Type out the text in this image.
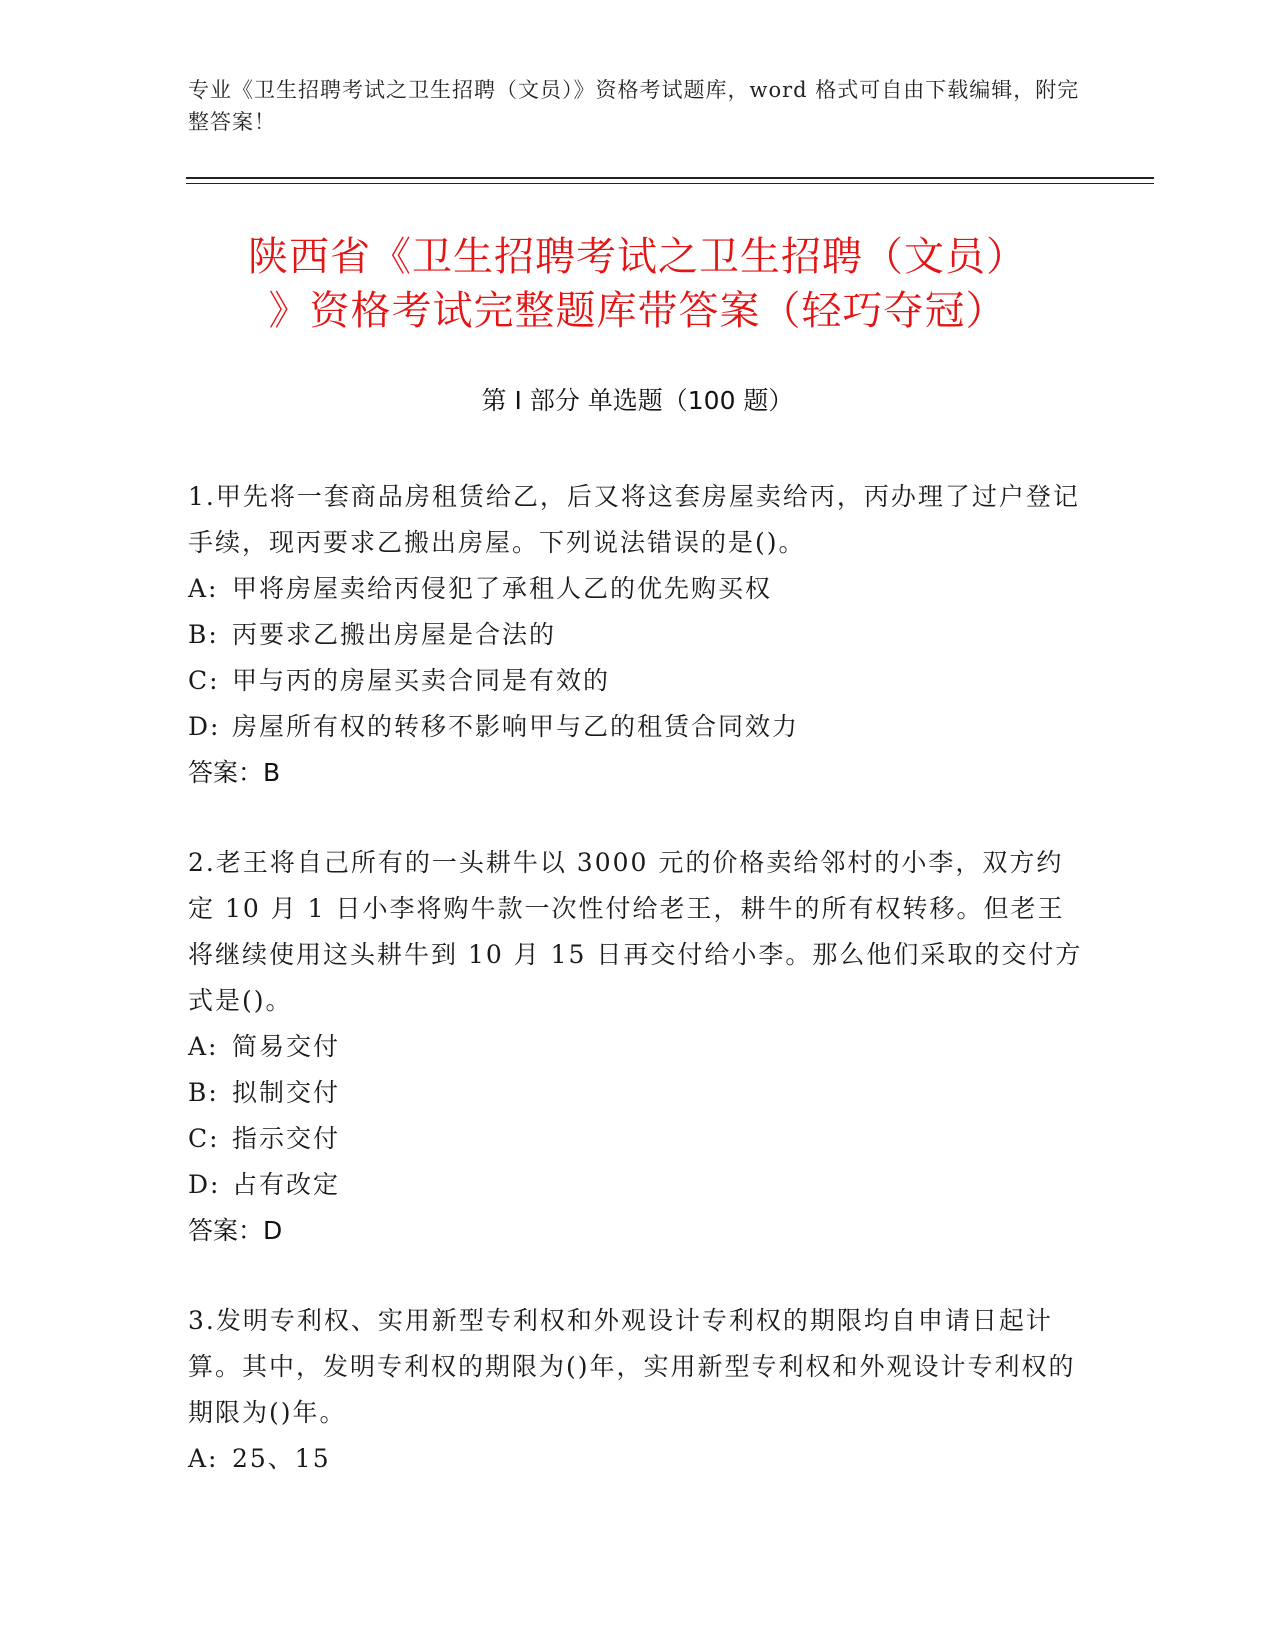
专业《卫生招聘考试之卫生招聘（文员）》资格考试题库，word 格式可自由下载编辑，附完整答案！
陕西省《卫生招聘考试之卫生招聘（文员）
》资格考试完整题库带答案（轻巧夺冠）
第 I 部分 单选题（100 题）

1.甲先将一套商品房租赁给乙，后又将这套房屋卖给丙，丙办理了过户登记手续，现丙要求乙搬出房屋。下列说法错误的是()。

A: 甲将房屋卖给丙侵犯了承租人乙的优先购买权

B: 丙要求乙搬出房屋是合法的

C: 甲与丙的房屋买卖合同是有效的

D: 房屋所有权的转移不影响甲与乙的租赁合同效力

答案：B

2.老王将自己所有的一头耕牛以 3000 元的价格卖给邻村的小李，双方约定 10 月 1 日小李将购牛款一次性付给老王，耕牛的所有权转移。但老王将继续使用这头耕牛到 10 月 15 日再交付给小李。那么他们采取的交付方式是()。

A: 简易交付

B: 拟制交付

C: 指示交付

D: 占有改定

答案：D

3.发明专利权、实用新型专利权和外观设计专利权的期限均自申请日起计算。其中，发明专利权的期限为()年，实用新型专利权和外观设计专利权的期限为()年。

A: 25、15
